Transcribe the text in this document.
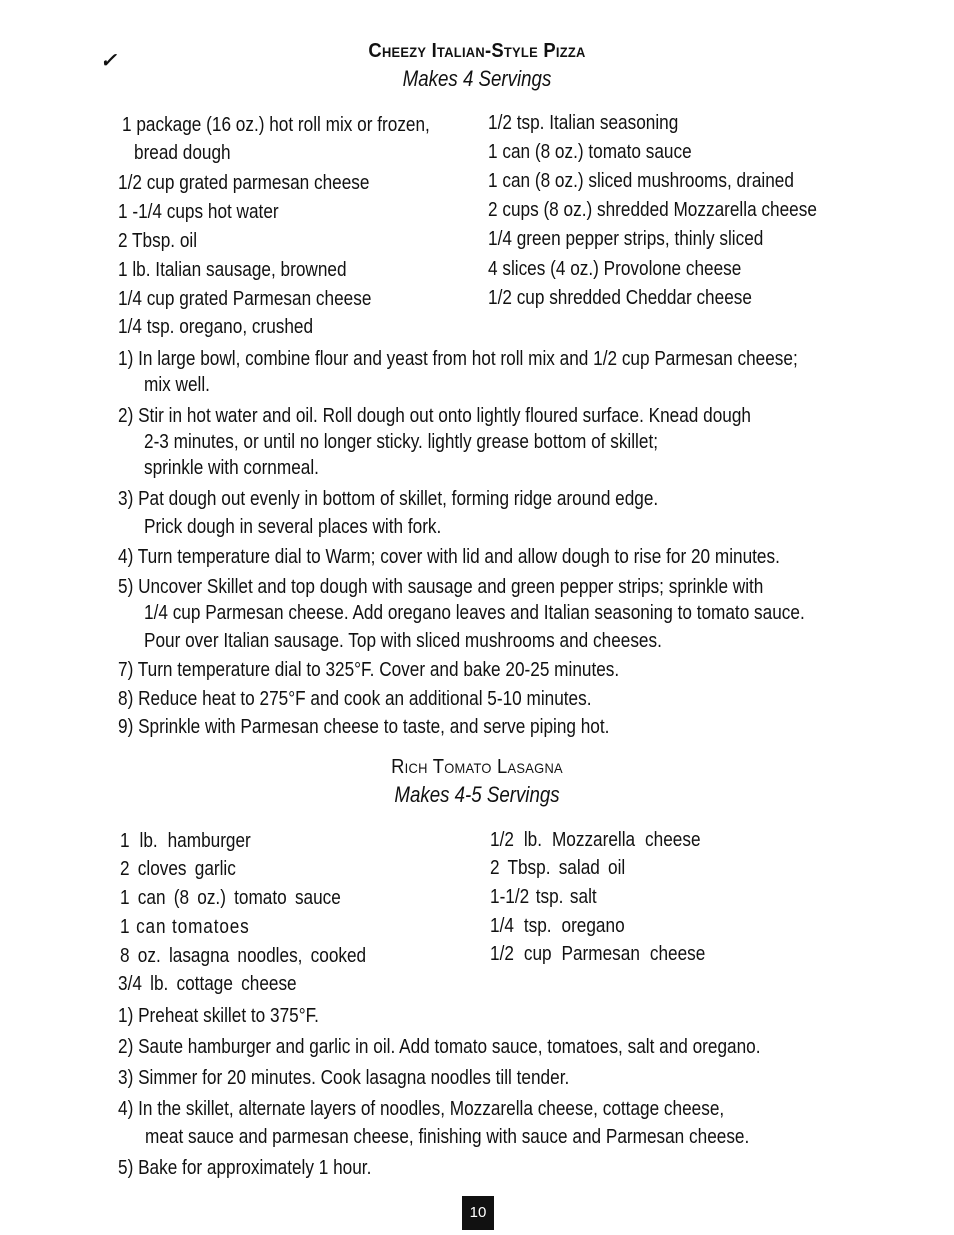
✓	Cheezy Italian-Style Pizza
Makes 4 Servings
1 package (16 oz.) hot roll mix or frozen,
bread dough
1/2 cup grated parmesan cheese
1 -1/4 cups hot water
2 Tbsp. oil
1 lb. Italian sausage, browned
1/4 cup grated Parmesan cheese
1/4 tsp. oregano, crushed
1/2 tsp. Italian seasoning
1 can (8 oz.) tomato sauce
1 can (8 oz.) sliced mushrooms, drained
2 cups (8 oz.) shredded Mozzarella cheese
1/4 green pepper strips, thinly sliced
4 slices (4 oz.) Provolone cheese
1/2 cup shredded Cheddar cheese
1) In large bowl, combine flour and yeast from hot roll mix and 1/2 cup Parmesan cheese;
mix well.
2) Stir in hot water and oil. Roll dough out onto lightly floured surface. Knead dough
2-3 minutes, or until no longer sticky. lightly grease bottom of skillet;
sprinkle with cornmeal.
3) Pat dough out evenly in bottom of skillet, forming ridge around edge.
Prick dough in several places with fork.
4) Turn temperature dial to Warm; cover with lid and allow dough to rise for 20 minutes.
5) Uncover Skillet and top dough with sausage and green pepper strips; sprinkle with
1/4 cup Parmesan cheese. Add oregano leaves and Italian seasoning to tomato sauce.
Pour over Italian sausage. Top with sliced mushrooms and cheeses.
7) Turn temperature dial to 325°F. Cover and bake 20-25 minutes.
8) Reduce heat to 275°F and cook an additional 5-10 minutes.
9) Sprinkle with Parmesan cheese to taste, and serve piping hot.
Rich Tomato Lasagna
Makes 4-5 Servings
1 lb. hamburger
2 cloves garlic
1 can (8 oz.) tomato sauce
1 can tomatoes
8 oz. lasagna noodles, cooked
3/4 lb. cottage cheese
1/2 lb. Mozzarella cheese
2 Tbsp. salad oil
1-1/2 tsp. salt
1/4 tsp. oregano
1/2 cup Parmesan cheese
1) Preheat skillet to 375°F.
2) Saute hamburger and garlic in oil. Add tomato sauce, tomatoes, salt and oregano.
3) Simmer for 20 minutes. Cook lasagna noodles till tender.
4) In the skillet, alternate layers of noodles, Mozzarella cheese, cottage cheese,
meat sauce and parmesan cheese, finishing with sauce and Parmesan cheese.
5) Bake for approximately 1 hour.
10
